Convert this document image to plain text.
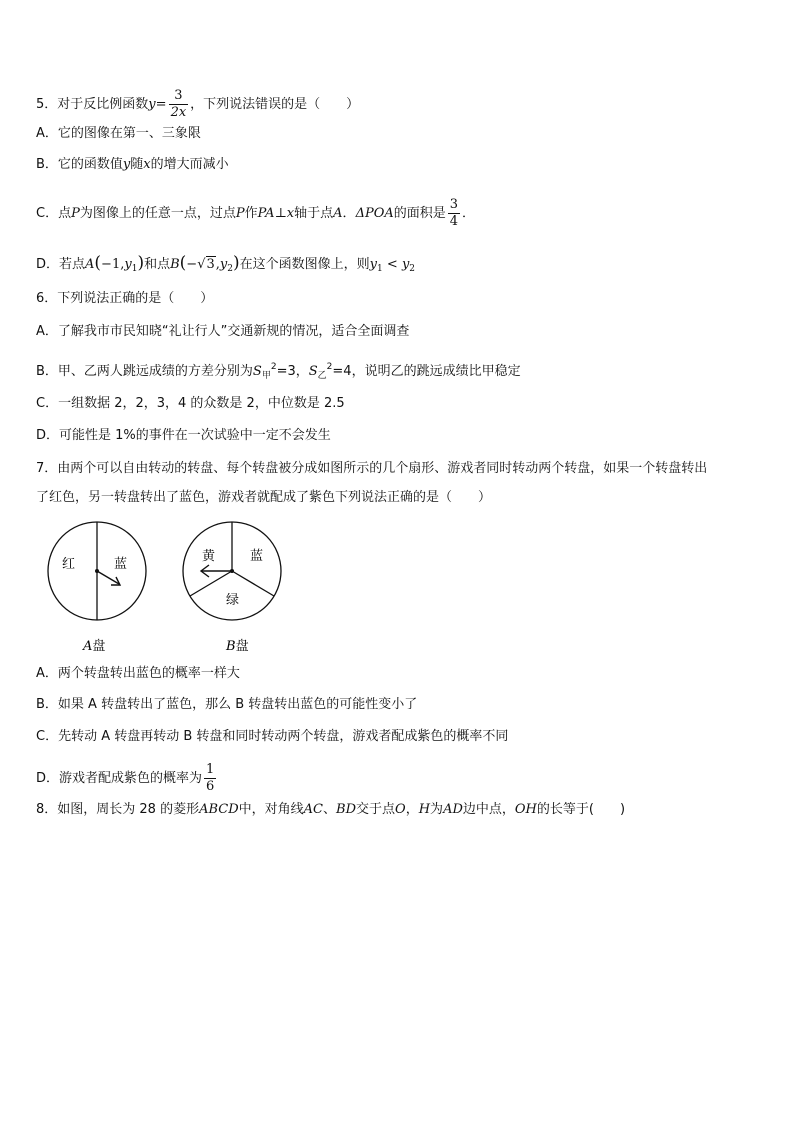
5．对于反比例函数$y= \frac{3}{2x}$ ，下列说法错误的是（　　）
A．它的图像在第一、三象限
B．它的函数值y随x的增大而减小
C．点P为图像上的任意一点，过点P作PA⊥x轴于点A．ΔPOA的面积是 $\frac{3}{4}$ ．
D．若点$A(-1,y_1)$和点$B(-√3,y_2)$在这个函数图像上，则$y_1 < y_2$
6．下列说法正确的是（　　）
A．了解我市市民知晓“礼让行人”交通新规的情况，适合全面调查
B．甲、乙两人跳远成绩的方差分别为$S_甲^2=3$，$S_乙^2=4$，说明乙的跳远成绩比甲稳定
C．一组数据 2，2，3，4 的众数是 2，中位数是 2.5
D．可能性是 1%的事件在一次试验中一定不会发生
7．由两个可以自由转动的转盘、每个转盘被分成如图所示的几个扇形、游戏者同时转动两个转盘，如果一个转盘转出
了红色，另一转盘转出了蓝色，游戏者就配成了紫色下列说法正确的是（　　）
红	蓝
黄	蓝
绿
A盘	B盘
A．两个转盘转出蓝色的概率一样大
B．如果 A 转盘转出了蓝色，那么 B 转盘转出蓝色的可能性变小了
C．先转动 A 转盘再转动 B 转盘和同时转动两个转盘，游戏者配成紫色的概率不同
D．游戏者配成紫色的概率为 $\frac{1}{6}$
8．如图，周长为 28 的菱形ABCD中，对角线AC、BD交于点O，H为AD边中点，OH的长等于(　　)
